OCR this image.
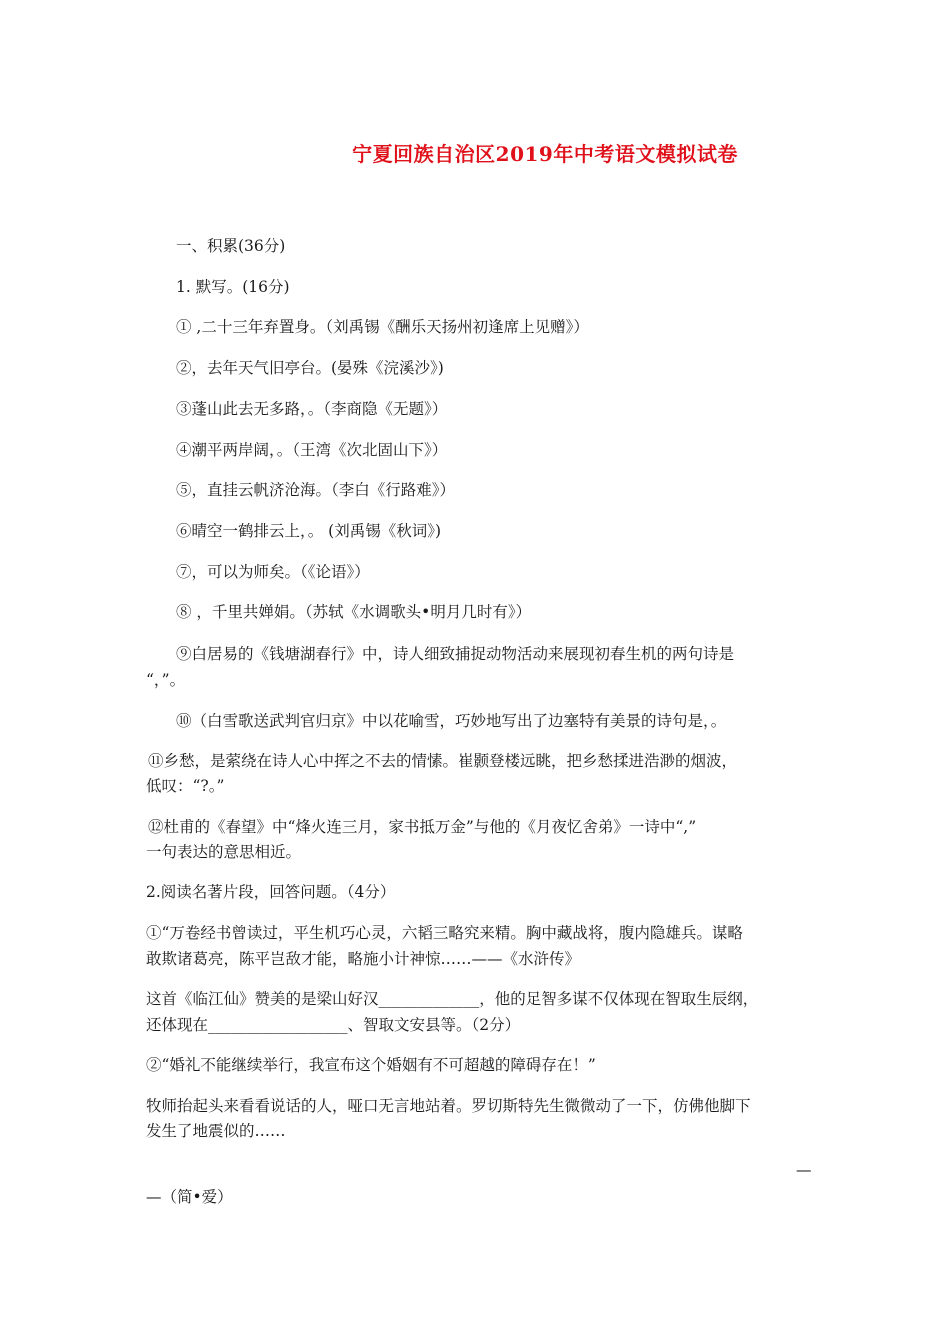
宁夏回族自治区2019年中考语文模拟试卷
一、积累(36分)
1. 默写。(16分)
① ,二十三年弃置身。（刘禹锡《酬乐天扬州初逢席上见赠》）
②，去年天气旧亭台。(晏殊《浣溪沙》)
③蓬山此去无多路，。（李商隐《无题》）
④潮平两岸阔，。（王湾《次北固山下》）
⑤，直挂云帆济沧海。（李白《行路难》）
⑥晴空一鹤排云上，。 (刘禹锡《秋词》)
⑦，可以为师矣。（《论语》）
⑧ ，千里共婵娟。（苏轼《水调歌头•明月几时有》）
⑨白居易的《钱塘湖春行》中，诗人细致捕捉动物活动来展现初春生机的两句诗是
“，”。
⑩（白雪歌送武判官归京》中以花喻雪，巧妙地写出了边塞特有美景的诗句是，。
⑪乡愁，是萦绕在诗人心中挥之不去的情愫。崔颢登楼远眺，把乡愁揉进浩渺的烟波，
低叹：“?。”
⑫杜甫的《春望》中“烽火连三月，家书抵万金”与他的《月夜忆舍弟》一诗中“,”
一句表达的意思相近。
2.阅读名著片段，回答问题。（4分）
①“万卷经书曾读过，平生机巧心灵，六韬三略究来精。胸中藏战将，腹内隐雄兵。谋略
敢欺诸葛亮，陈平岂敌才能，略施小计神惊……——《水浒传》
这首《临江仙》赞美的是梁山好汉_____________，他的足智多谋不仅体现在智取生辰纲，
还体现在__________________、智取文安县等。（2分）
②“婚礼不能继续举行，我宣布这个婚姻有不可超越的障碍存在！”
牧师抬起头来看看说话的人，哑口无言地站着。罗切斯特先生微微动了一下，仿佛他脚下
发生了地震似的……
—
—（简•爱）
